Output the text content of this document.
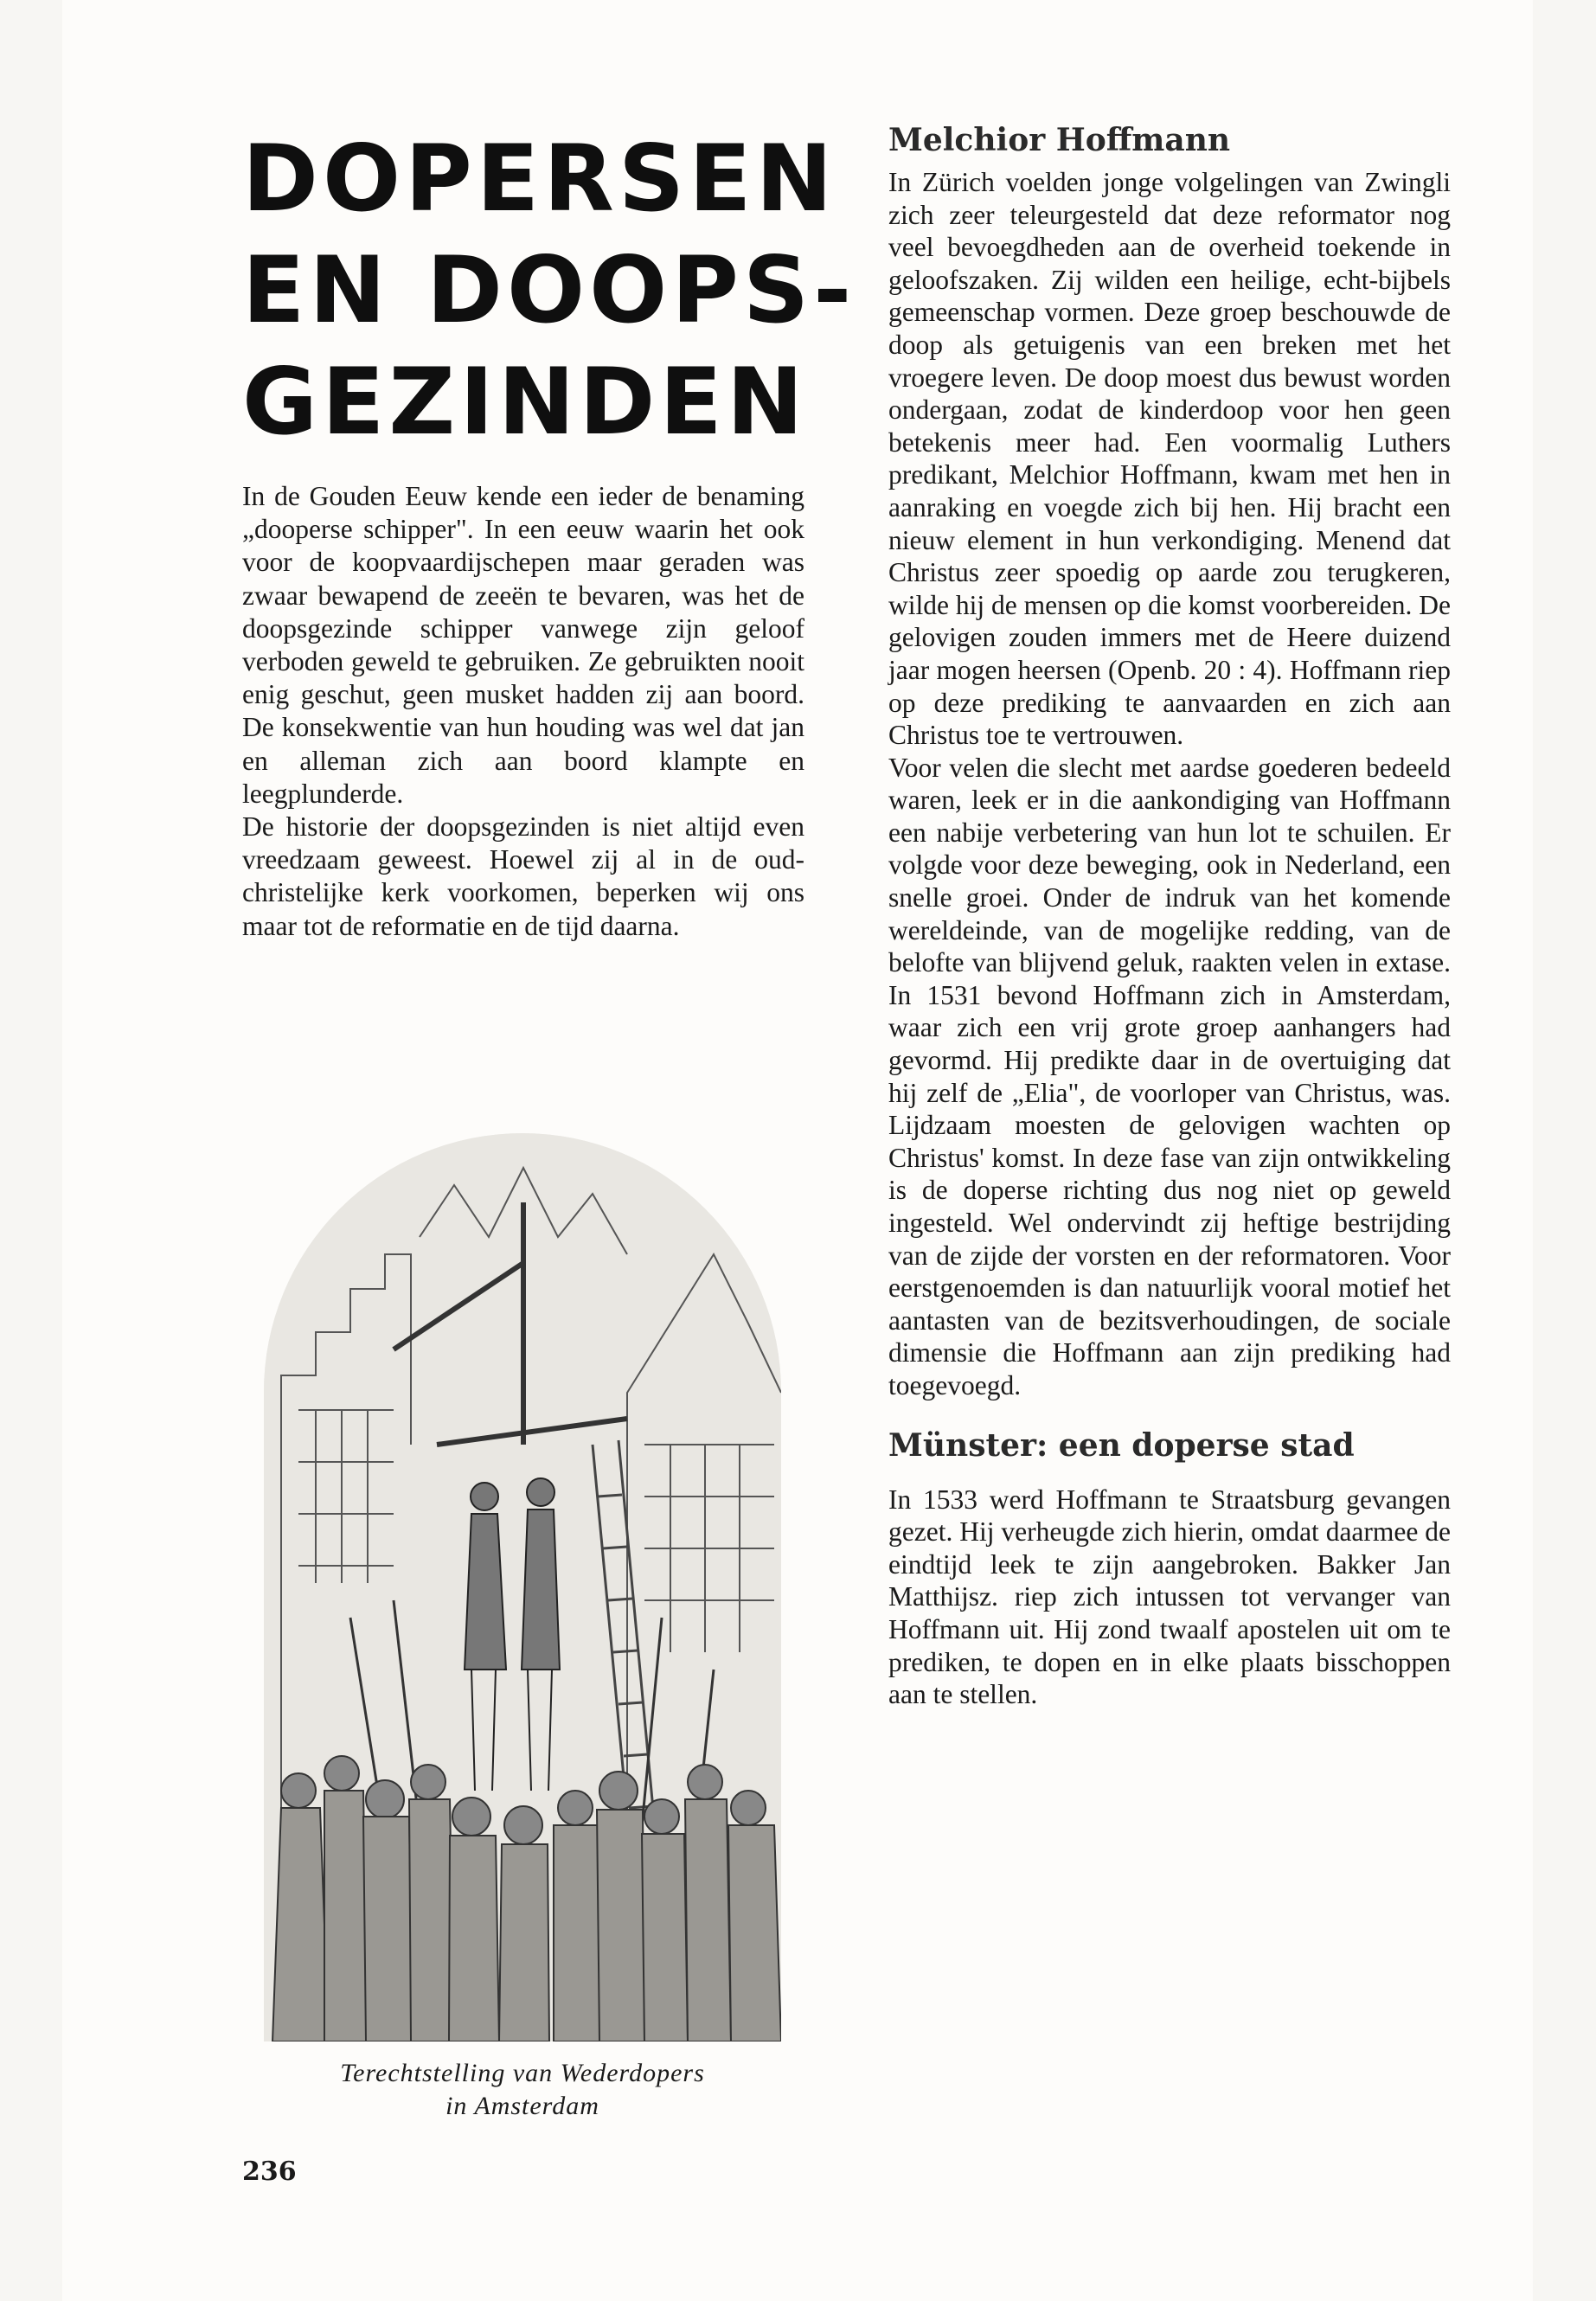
DOPERSEN
EN DOOPS-
GEZINDEN

In de Gouden Eeuw kende een ieder de benaming „dooperse schipper". In een eeuw waarin het ook voor de koopvaardijschepen maar geraden was zwaar bewapend de zeeën te bevaren, was het de doopsgezinde schipper vanwege zijn geloof verboden geweld te gebruiken. Ze gebruikten nooit enig geschut, geen musket hadden zij aan boord. De konsekwentie van hun houding was wel dat jan en alleman zich aan boord klampte en leegplunderde.

De historie der doopsgezinden is niet altijd even vreedzaam geweest. Hoewel zij al in de oud-christelijke kerk voorkomen, beperken wij ons maar tot de reformatie en de tijd daarna.

Terechtstelling van Wederdopers
in Amsterdam
Melchior Hoffmann

In Zürich voelden jonge volgelingen van Zwingli zich zeer teleurgesteld dat deze reformator nog veel bevoegdheden aan de overheid toekende in geloofszaken. Zij wilden een heilige, echt-bijbels gemeenschap vormen. Deze groep beschouwde de doop als getuigenis van een breken met het vroegere leven. De doop moest dus bewust worden ondergaan, zodat de kinderdoop voor hen geen betekenis meer had. Een voormalig Luthers predikant, Melchior Hoffmann, kwam met hen in aanraking en voegde zich bij hen. Hij bracht een nieuw element in hun verkondiging. Menend dat Christus zeer spoedig op aarde zou terugkeren, wilde hij de mensen op die komst voorbereiden. De gelovigen zouden immers met de Heere duizend jaar mogen heersen (Openb. 20 : 4). Hoffmann riep op deze prediking te aanvaarden en zich aan Christus toe te vertrouwen.

Voor velen die slecht met aardse goederen bedeeld waren, leek er in die aankondiging van Hoffmann een nabije verbetering van hun lot te schuilen. Er volgde voor deze beweging, ook in Nederland, een snelle groei. Onder de indruk van het komende wereldeinde, van de mogelijke redding, van de belofte van blijvend geluk, raakten velen in extase. In 1531 bevond Hoffmann zich in Amsterdam, waar zich een vrij grote groep aanhangers had gevormd. Hij predikte daar in de overtuiging dat hij zelf de „Elia", de voorloper van Christus, was. Lijdzaam moesten de gelovigen wachten op Christus' komst. In deze fase van zijn ontwikkeling is de doperse richting dus nog niet op geweld ingesteld. Wel ondervindt zij heftige bestrijding van de zijde der vorsten en der reformatoren. Voor eerstgenoemden is dan natuurlijk vooral motief het aantasten van de bezitsverhoudingen, de sociale dimensie die Hoffmann aan zijn prediking had toegevoegd.

Münster: een doperse stad

In 1533 werd Hoffmann te Straatsburg gevangen gezet. Hij verheugde zich hierin, omdat daarmee de eindtijd leek te zijn aangebroken. Bakker Jan Matthijsz. riep zich intussen tot vervanger van Hoffmann uit. Hij zond twaalf apostelen uit om te prediken, te dopen en in elke plaats bisschoppen aan te stellen.

236
